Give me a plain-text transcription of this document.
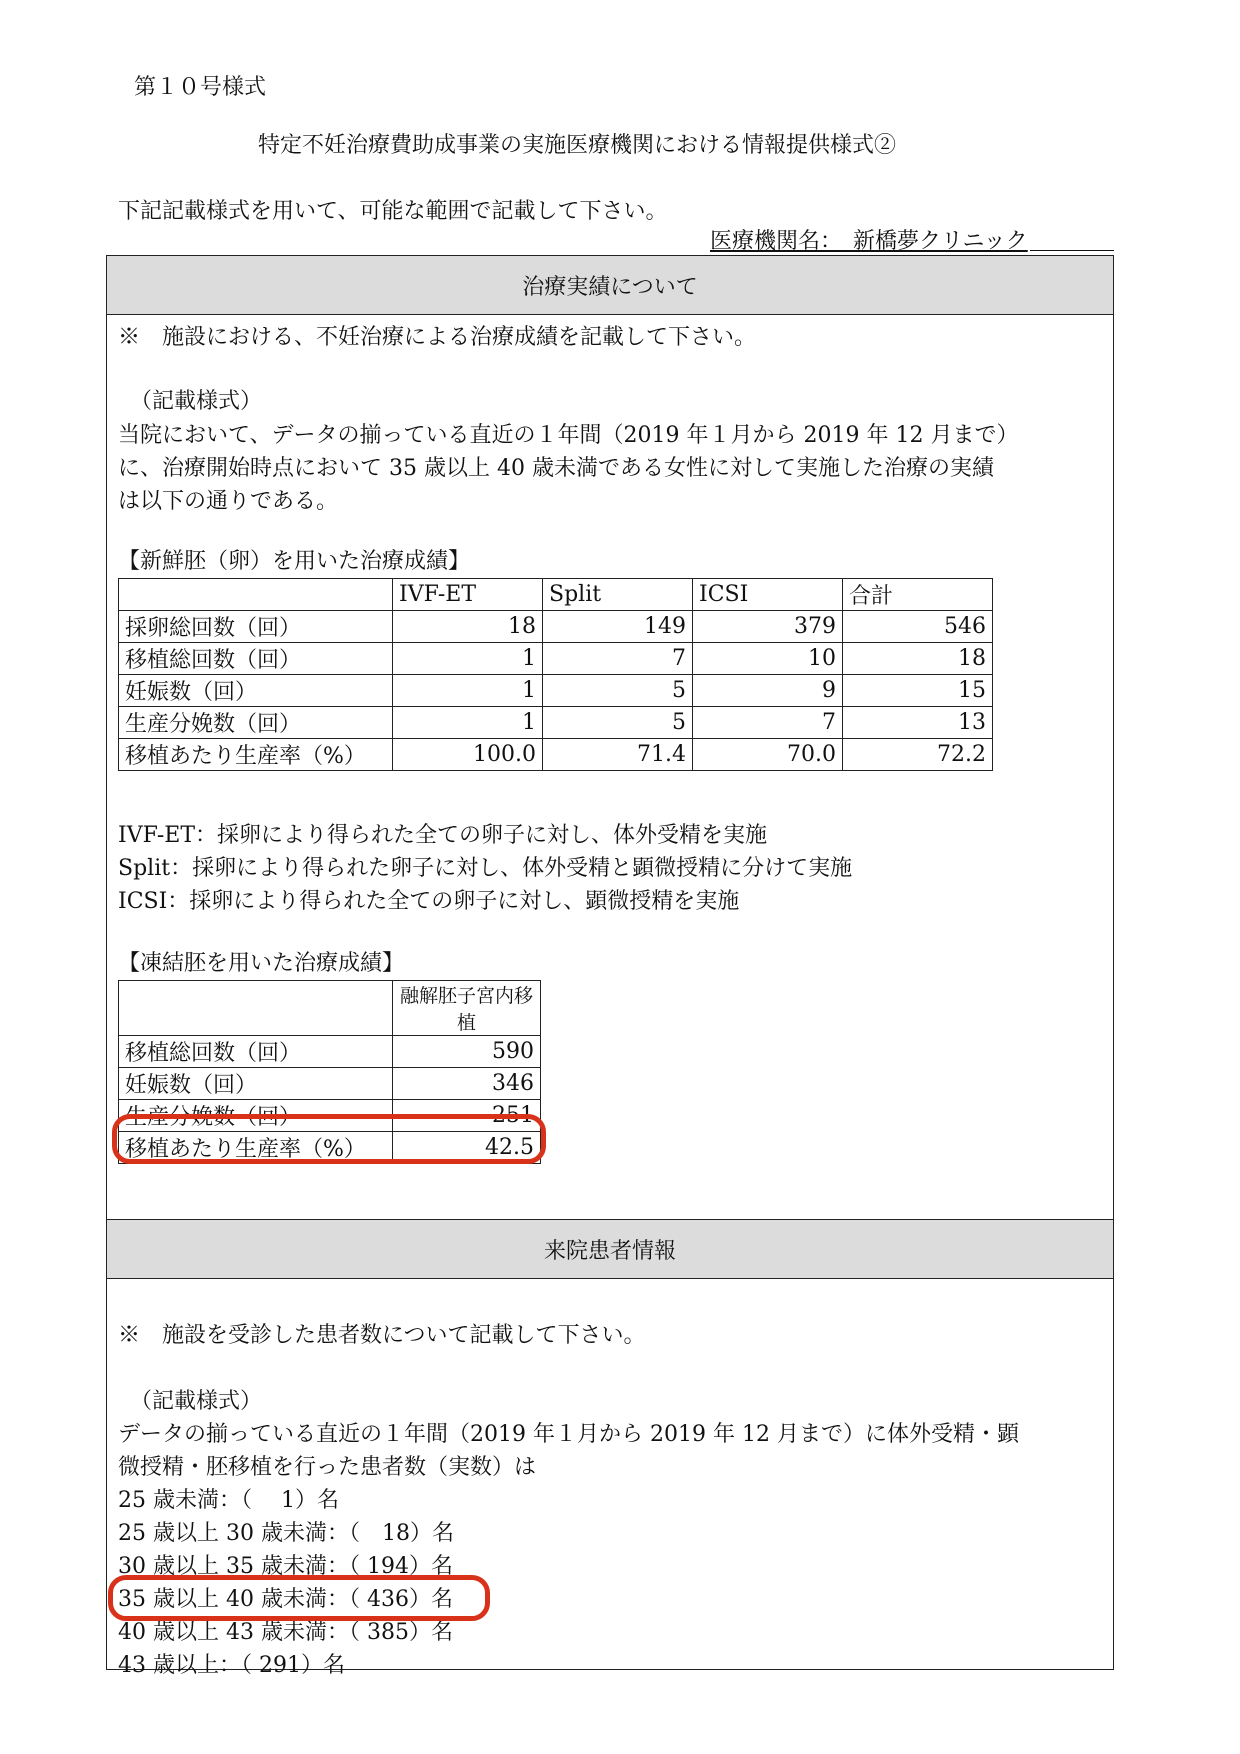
第１０号様式
特定不妊治療費助成事業の実施医療機関における情報提供様式②
下記記載様式を用いて、可能な範囲で記載して下さい。
医療機関名：　新橋夢クリニック
治療実績について
※　施設における、不妊治療による治療成績を記載して下さい。
（記載様式）
当院において、データの揃っている直近の１年間（2019 年１月から 2019 年 12 月まで）
に、治療開始時点において 35 歳以上 40 歳未満である女性に対して実施した治療の実績
は以下の通りである。
【新鮮胚（卵）を用いた治療成績】
	IVF-ET	Split	ICSI	合計
採卵総回数（回）	18	149	379	546
移植総回数（回）	1	7	10	18
妊娠数（回）	1	5	9	15
生産分娩数（回）	1	5	7	13
移植あたり生産率（%）	100.0	71.4	70.0	72.2
IVF-ET：採卵により得られた全ての卵子に対し、体外受精を実施
Split：採卵により得られた卵子に対し、体外受精と顕微授精に分けて実施
ICSI：採卵により得られた全ての卵子に対し、顕微授精を実施
【凍結胚を用いた治療成績】
	融解胚子宮内移植
移植総回数（回）	590
妊娠数（回）	346
生産分娩数（回）	251
移植あたり生産率（%）	42.5
来院患者情報
※　施設を受診した患者数について記載して下さい。
（記載様式）
データの揃っている直近の１年間（2019 年１月から 2019 年 12 月まで）に体外受精・顕
微授精・胚移植を行った患者数（実数）は
25 歳未満：（　 1）名
25 歳以上 30 歳未満：（　18）名
30 歳以上 35 歳未満：（ 194）名
35 歳以上 40 歳未満：（ 436）名
40 歳以上 43 歳未満：（ 385）名
43 歳以上：（ 291）名
